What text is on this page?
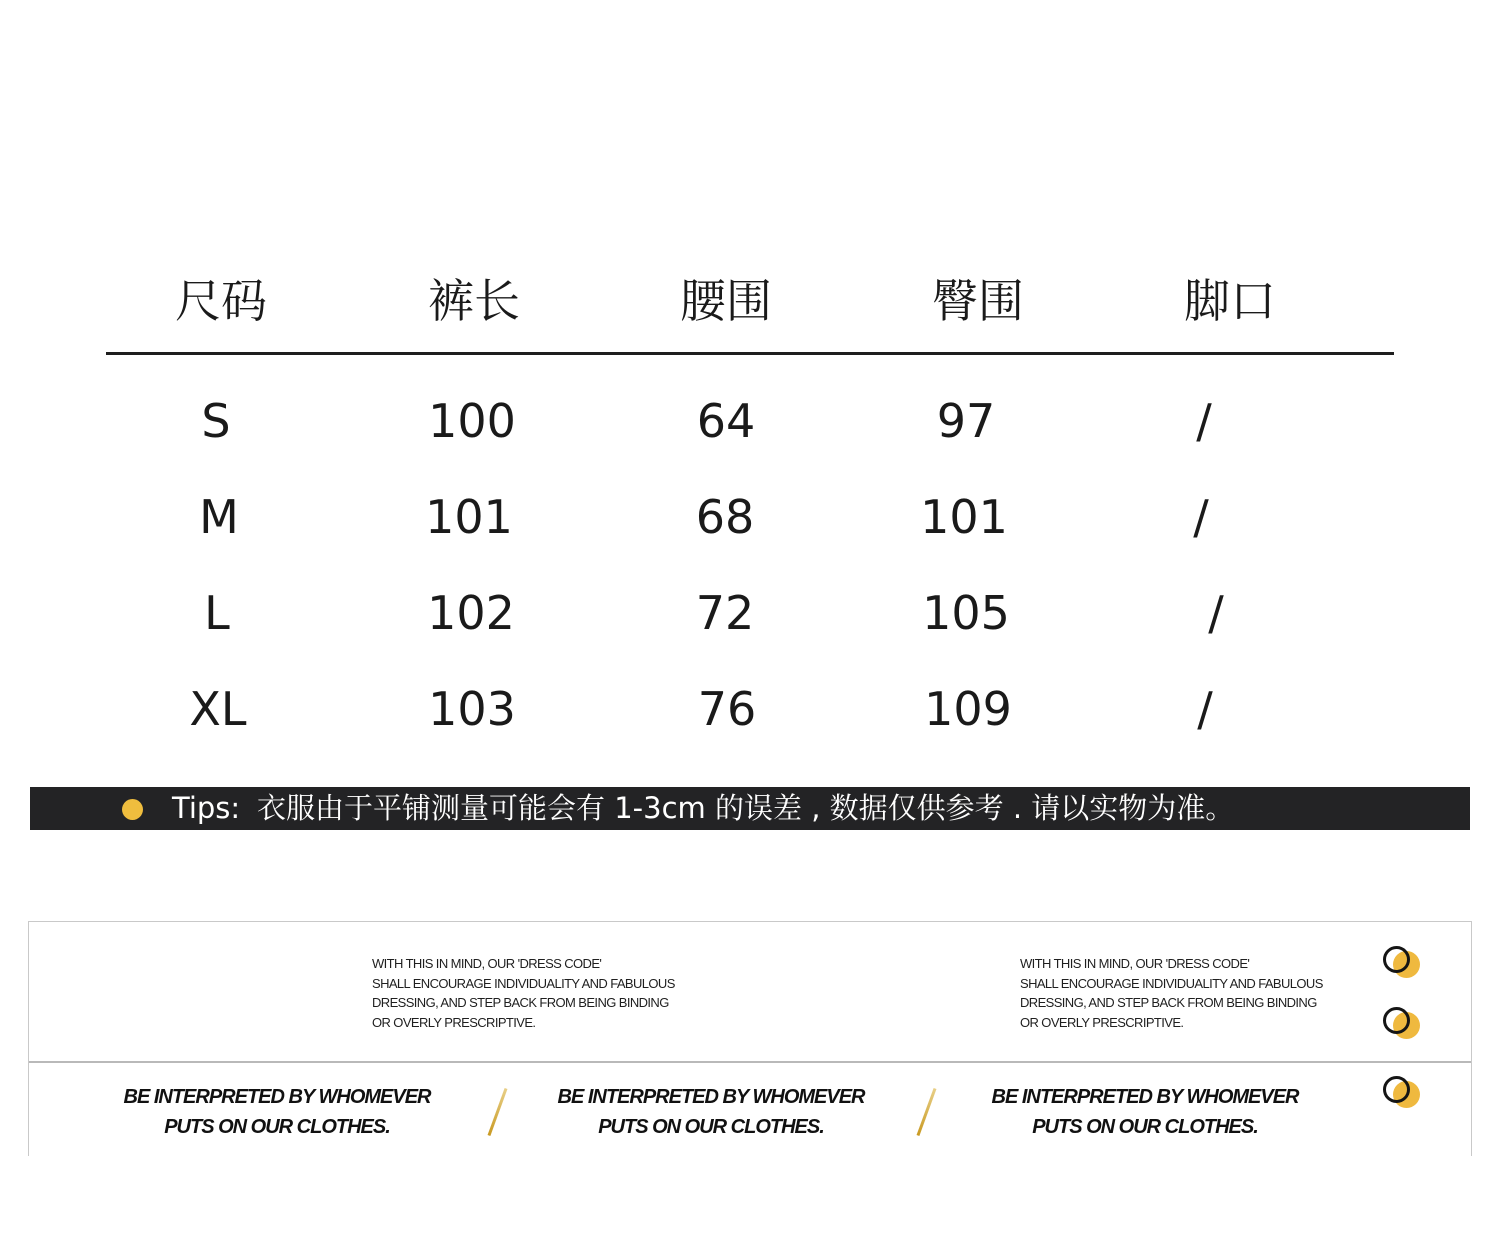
尺码	裤长	腰围	臀围	脚口
S	100	64	97	/
M	101	68	101	/
L	102	72	105	/
XL	103	76	109	/
Tips: 衣服由于平铺测量可能会有 1-3cm 的误差 , 数据仅供参考 . 请以实物为准。
WITH THIS IN MIND, OUR 'DRESS CODE'
SHALL ENCOURAGE INDIVIDUALITY AND FABULOUS
DRESSING, AND STEP BACK FROM BEING BINDING
OR OVERLY PRESCRIPTIVE.
WITH THIS IN MIND, OUR 'DRESS CODE'
SHALL ENCOURAGE INDIVIDUALITY AND FABULOUS
DRESSING, AND STEP BACK FROM BEING BINDING
OR OVERLY PRESCRIPTIVE.
BE INTERPRETED BY WHOMEVER
PUTS ON OUR CLOTHES.
BE INTERPRETED BY WHOMEVER
PUTS ON OUR CLOTHES.
BE INTERPRETED BY WHOMEVER
PUTS ON OUR CLOTHES.
